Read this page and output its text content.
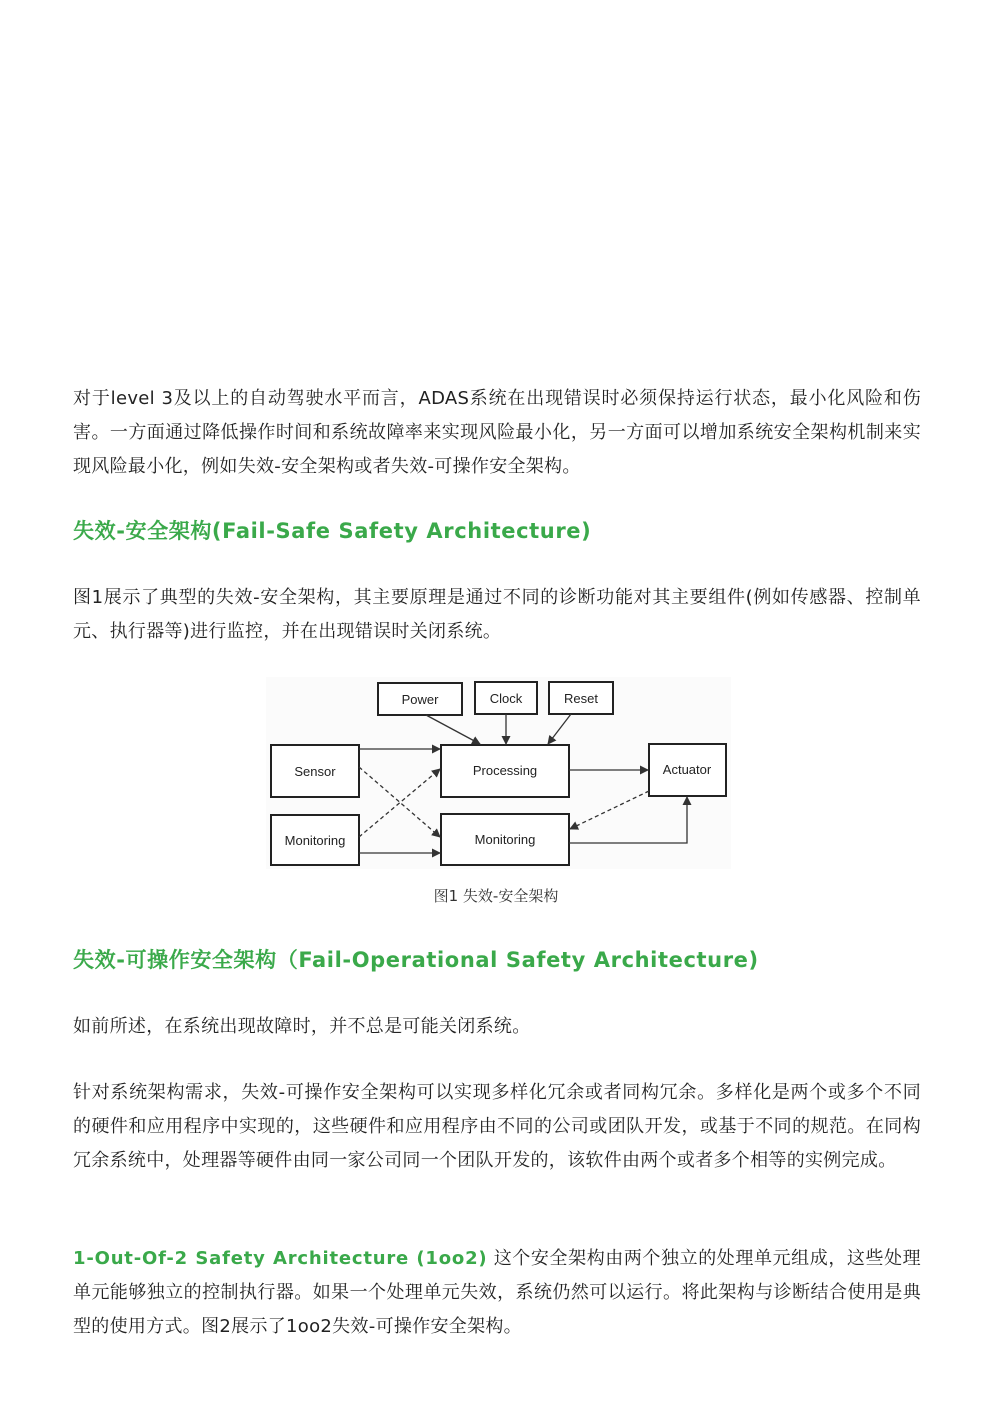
对于level 3及以上的自动驾驶水平而言，ADAS系统在出现错误时必须保持运行状态，最小化风险和伤害。一方面通过降低操作时间和系统故障率来实现风险最小化，另一方面可以增加系统安全架构机制来实现风险最小化，例如失效-安全架构或者失效-可操作安全架构。

失效-安全架构(Fail-Safe Safety Architecture)

图1展示了典型的失效-安全架构，其主要原理是通过不同的诊断功能对其主要组件(例如传感器、控制单元、执行器等)进行监控，并在出现错误时关闭系统。

失效-可操作安全架构（Fail-Operational Safety Architecture)

如前所述，在系统出现故障时，并不总是可能关闭系统。

针对系统架构需求，失效-可操作安全架构可以实现多样化冗余或者同构冗余。多样化是两个或多个不同的硬件和应用程序中实现的，这些硬件和应用程序由不同的公司或团队开发，或基于不同的规范。在同构冗余系统中，处理器等硬件由同一家公司同一个团队开发的，该软件由两个或者多个相等的实例完成。

1-Out-Of-2 Safety Architecture (1oo2) 这个安全架构由两个独立的处理单元组成，这些处理单元能够独立的控制执行器。如果一个处理单元失效，系统仍然可以运行。将此架构与诊断结合使用是典型的使用方式。图2展示了1oo2失效-可操作安全架构。

Power	Clock	Reset
Sensor	Processing	Actuator
Monitoring	Monitoring
图1 失效-安全架构
